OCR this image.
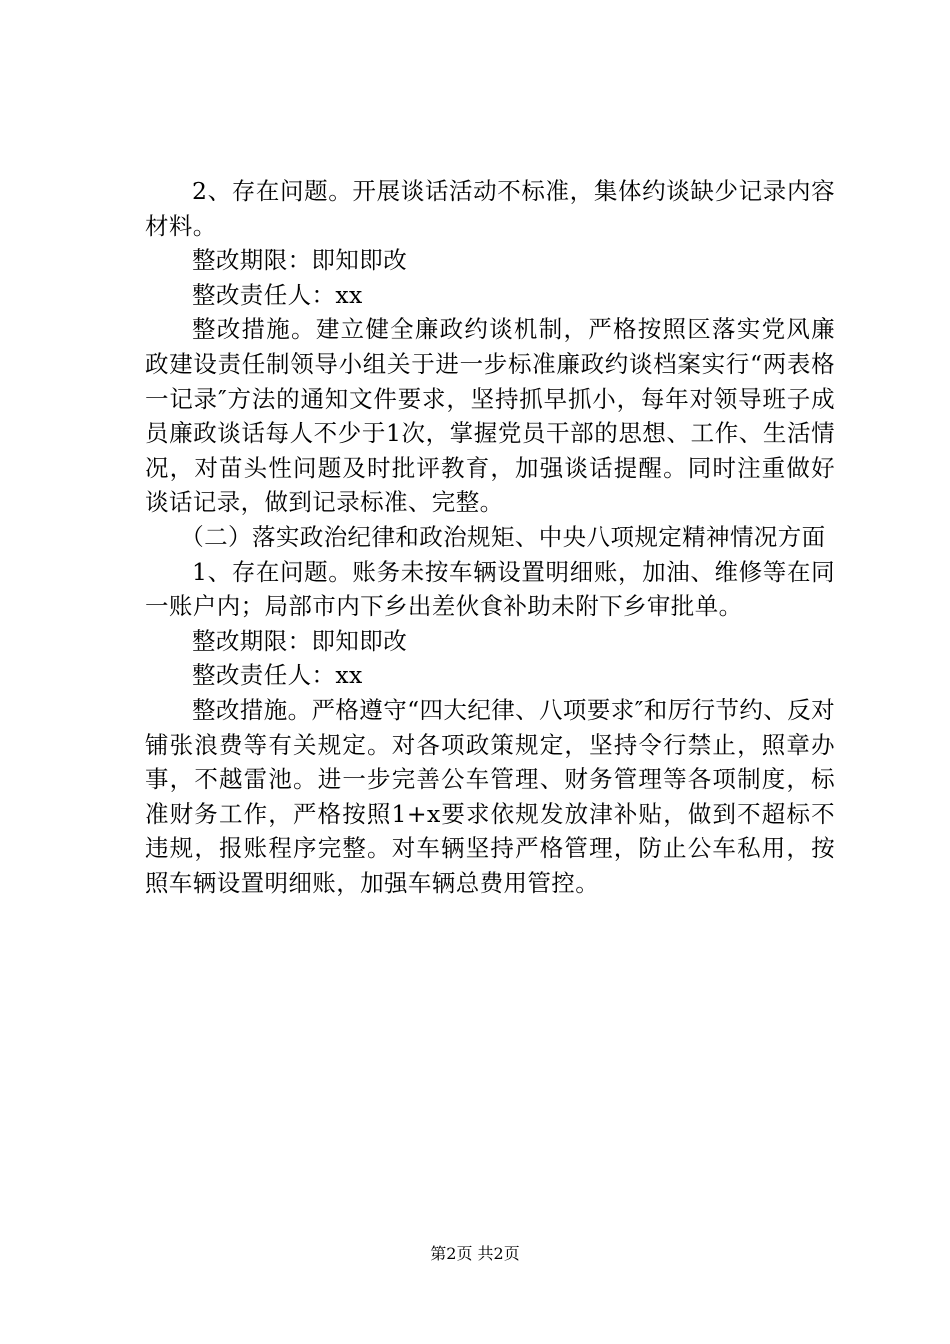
2、存在问题。开展谈话活动不标准，集体约谈缺少记录内容材料。

整改期限：即知即改

整改责任人：xx

整改措施。建立健全廉政约谈机制，严格按照区落实党风廉政建设责任制领导小组关于进一步标准廉政约谈档案实行“两表格一记录″方法的通知文件要求，坚持抓早抓小，每年对领导班子成员廉政谈话每人不少于1次，掌握党员干部的思想、工作、生活情况，对苗头性问题及时批评教育，加强谈话提醒。同时注重做好谈话记录，做到记录标准、完整。

（二）落实政治纪律和政治规矩、中央八项规定精神情况方面

1、存在问题。账务未按车辆设置明细账，加油、维修等在同一账户内；局部市内下乡出差伙食补助未附下乡审批单。

整改期限：即知即改

整改责任人：xx

整改措施。严格遵守“四大纪律、八项要求″和厉行节约、反对铺张浪费等有关规定。对各项政策规定，坚持令行禁止，照章办事，不越雷池。进一步完善公车管理、财务管理等各项制度，标准财务工作，严格按照1+x要求依规发放津补贴，做到不超标不违规，报账程序完整。对车辆坚持严格管理，防止公车私用，按照车辆设置明细账，加强车辆总费用管控。

第2页 共2页
